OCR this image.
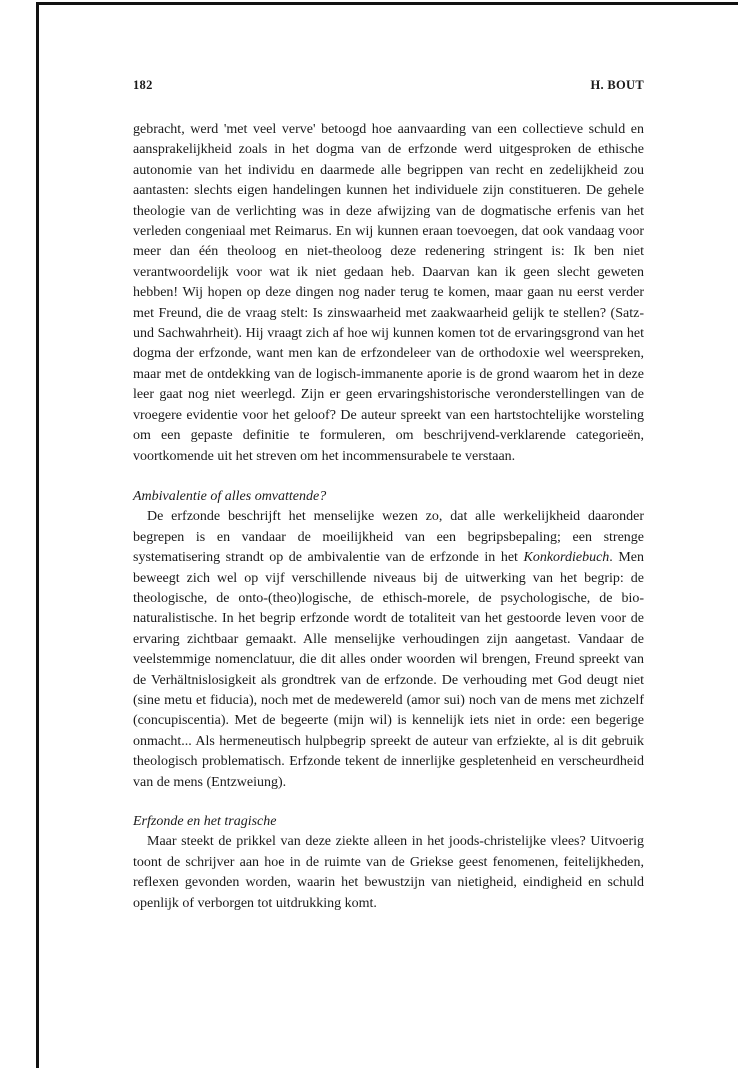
182	H. BOUT

gebracht, werd 'met veel verve' betoogd hoe aanvaarding van een collectieve schuld en aansprakelijkheid zoals in het dogma van de erfzonde werd uitgesproken de ethische autonomie van het individu en daarmede alle begrippen van recht en zedelijkheid zou aantasten: slechts eigen handelingen kunnen het individuele zijn constitueren. De gehele theologie van de verlichting was in deze afwijzing van de dogmatische erfenis van het verleden congeniaal met Reimarus. En wij kunnen eraan toevoegen, dat ook vandaag voor meer dan één theoloog en niet-theoloog deze redenering stringent is: Ik ben niet verantwoordelijk voor wat ik niet gedaan heb. Daarvan kan ik geen slecht geweten hebben! Wij hopen op deze dingen nog nader terug te komen, maar gaan nu eerst verder met Freund, die de vraag stelt: Is zinswaarheid met zaakwaarheid gelijk te stellen? (Satz-und Sachwahrheit). Hij vraagt zich af hoe wij kunnen komen tot de ervaringsgrond van het dogma der erfzonde, want men kan de erfzondeleer van de orthodoxie wel weerspreken, maar met de ontdekking van de logisch-immanente aporie is de grond waarom het in deze leer gaat nog niet weerlegd. Zijn er geen ervaringshistorische veronderstellingen van de vroegere evidentie voor het geloof? De auteur spreekt van een hartstochtelijke worsteling om een gepaste definitie te formuleren, om beschrijvend-verklarende categorieën, voortkomende uit het streven om het incommensurabele te verstaan.

Ambivalentie of alles omvattende?

De erfzonde beschrijft het menselijke wezen zo, dat alle werkelijkheid daaronder begrepen is en vandaar de moeilijkheid van een begripsbepaling; een strenge systematisering strandt op de ambivalentie van de erfzonde in het Konkordiebuch. Men beweegt zich wel op vijf verschillende niveaus bij de uitwerking van het begrip: de theologische, de onto-(theo)logische, de ethisch-morele, de psychologische, de bio-naturalistische. In het begrip erfzonde wordt de totaliteit van het gestoorde leven voor de ervaring zichtbaar gemaakt. Alle menselijke verhoudingen zijn aangetast. Vandaar de veelstemmige nomenclatuur, die dit alles onder woorden wil brengen, Freund spreekt van de Verhältnislosigkeit als grondtrek van de erfzonde. De verhouding met God deugt niet (sine metu et fiducia), noch met de medewereld (amor sui) noch van de mens met zichzelf (concupiscentia). Met de begeerte (mijn wil) is kennelijk iets niet in orde: een begerige onmacht... Als hermeneutisch hulpbegrip spreekt de auteur van erfziekte, al is dit gebruik theologisch problematisch. Erfzonde tekent de innerlijke gespletenheid en verscheurdheid van de mens (Entzweiung).

Erfzonde en het tragische

Maar steekt de prikkel van deze ziekte alleen in het joods-christelijke vlees? Uitvoerig toont de schrijver aan hoe in de ruimte van de Griekse geest fenomenen, feitelijkheden, reflexen gevonden worden, waarin het bewustzijn van nietigheid, eindigheid en schuld openlijk of verborgen tot uitdrukking komt.
